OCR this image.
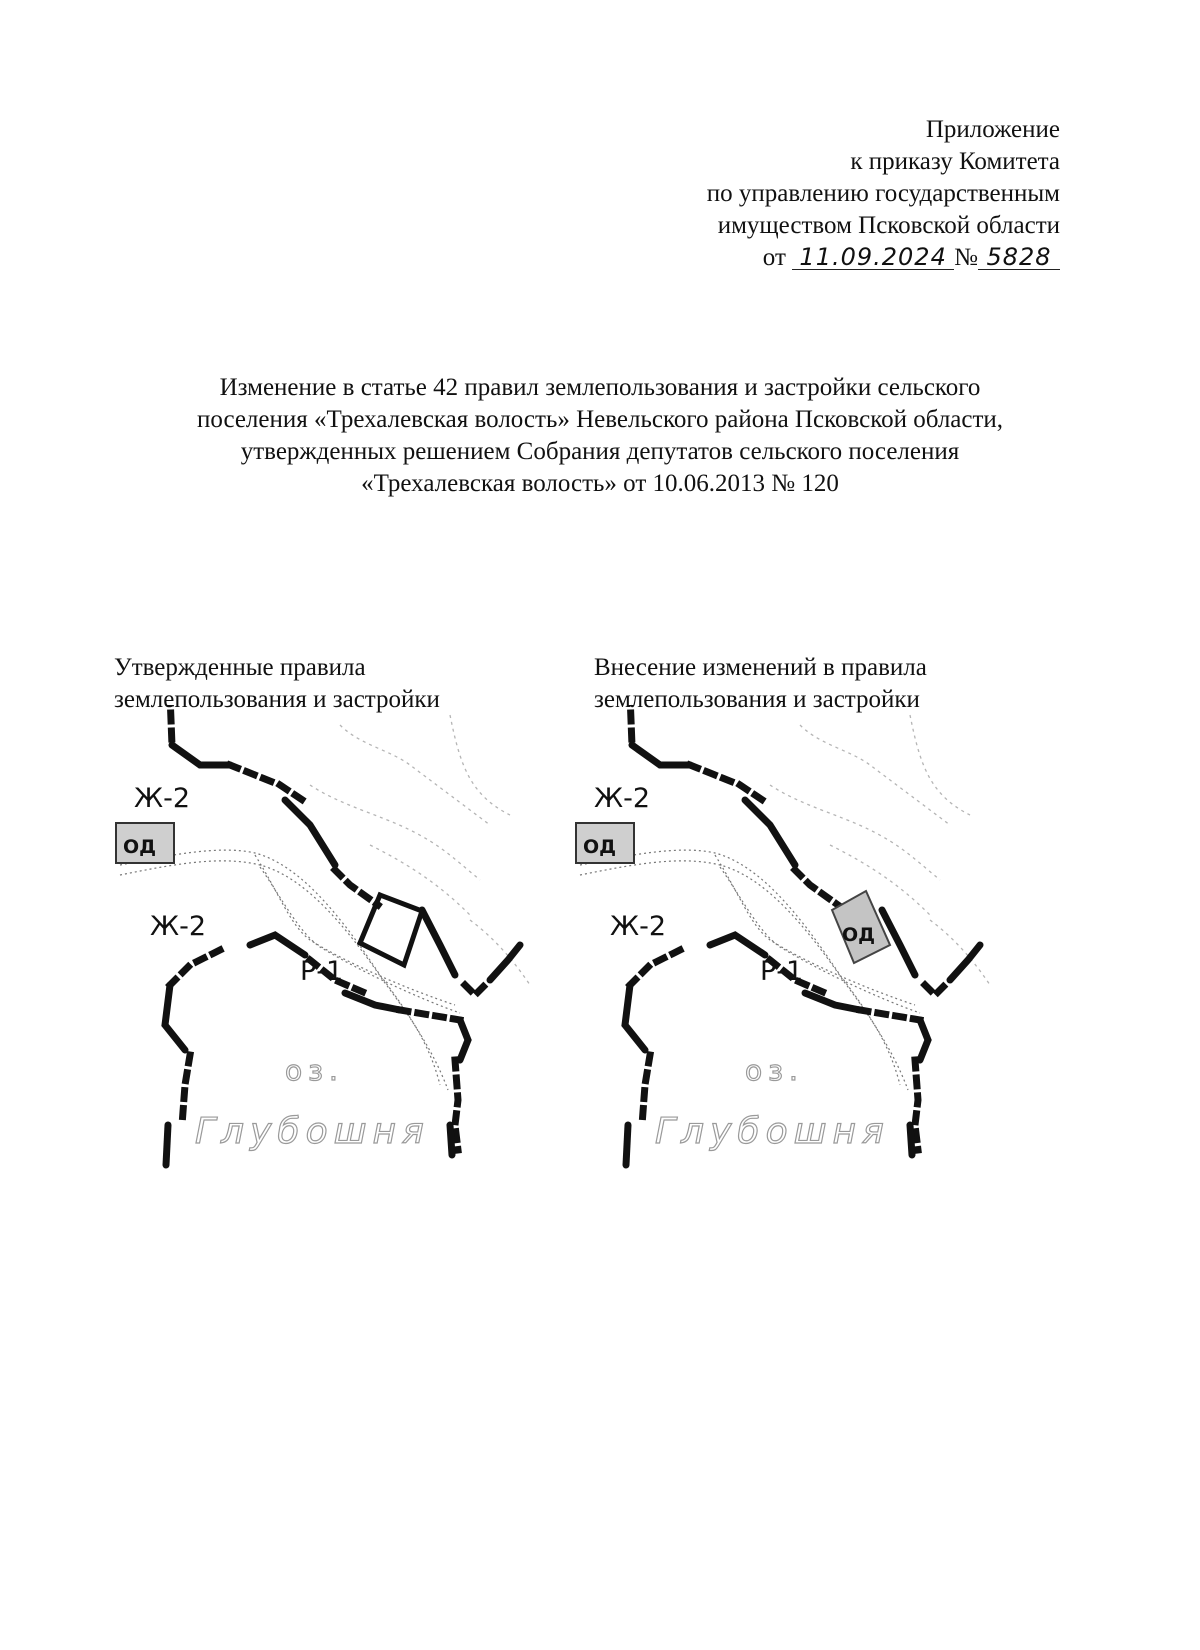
Приложение
к приказу Комитета
по управлению государственным
имуществом Псковской области
от 11.09.2024 № 5828
Изменение в статье 42 правил землепользования и застройки сельского
поселения «Трехалевская волость» Невельского района Псковской области,
утвержденных решением Собрания депутатов сельского поселения
«Трехалевская волость» от 10.06.2013 № 120
Утвержденные правила
землепользования и застройки
Внесение изменений в правила
землепользования и застройки
ОД
Ж-2
Ж-2
Р-1
оз.
Глубошня
ОД
ОД
Ж-2
Ж-2
Р-1
оз.
Глубошня
